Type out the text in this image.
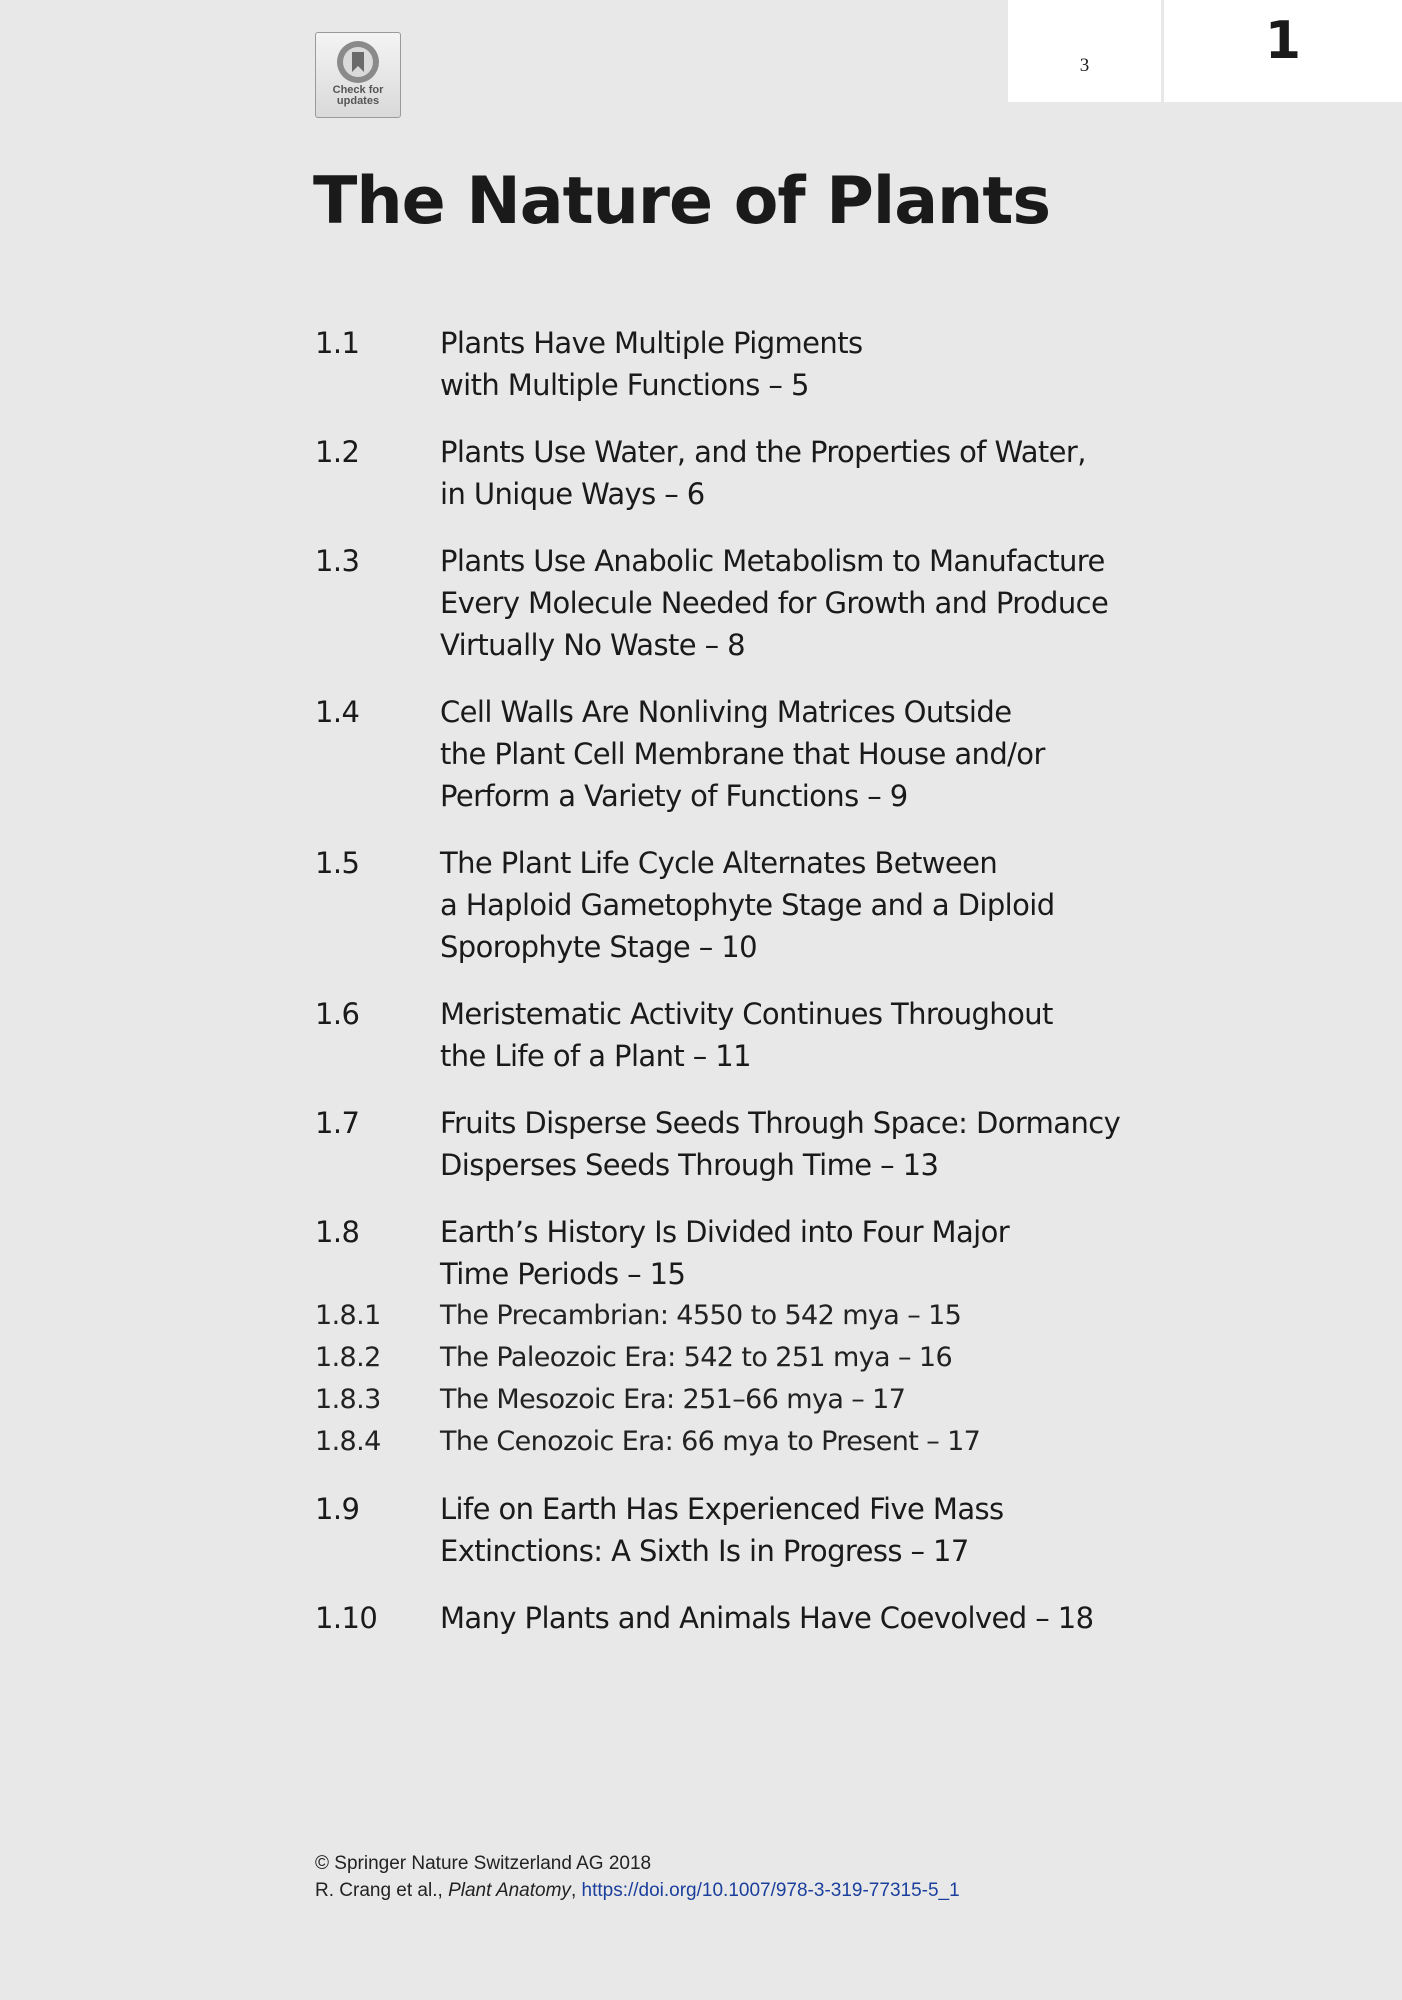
Check for updates
3	1
The Nature of Plants
1.1	Plants Have Multiple Pigments
with Multiple Functions – 5
1.2	Plants Use Water, and the Properties of Water,
in Unique Ways – 6
1.3	Plants Use Anabolic Metabolism to Manufacture
Every Molecule Needed for Growth and Produce
Virtually No Waste – 8
1.4	Cell Walls Are Nonliving Matrices Outside
the Plant Cell Membrane that House and/or
Perform a Variety of Functions – 9
1.5	The Plant Life Cycle Alternates Between
a Haploid Gametophyte Stage and a Diploid
Sporophyte Stage – 10
1.6	Meristematic Activity Continues Throughout
the Life of a Plant – 11
1.7	Fruits Disperse Seeds Through Space: Dormancy
Disperses Seeds Through Time – 13
1.8	Earth’s History Is Divided into Four Major
Time Periods – 15
1.8.1	The Precambrian: 4550 to 542 mya – 15
1.8.2	The Paleozoic Era: 542 to 251 mya – 16
1.8.3	The Mesozoic Era: 251–66 mya – 17
1.8.4	The Cenozoic Era: 66 mya to Present – 17
1.9	Life on Earth Has Experienced Five Mass
Extinctions: A Sixth Is in Progress – 17
1.10	Many Plants and Animals Have Coevolved – 18
© Springer Nature Switzerland AG 2018
R. Crang et al., Plant Anatomy, https://doi.org/10.1007/978-3-319-77315-5_1
